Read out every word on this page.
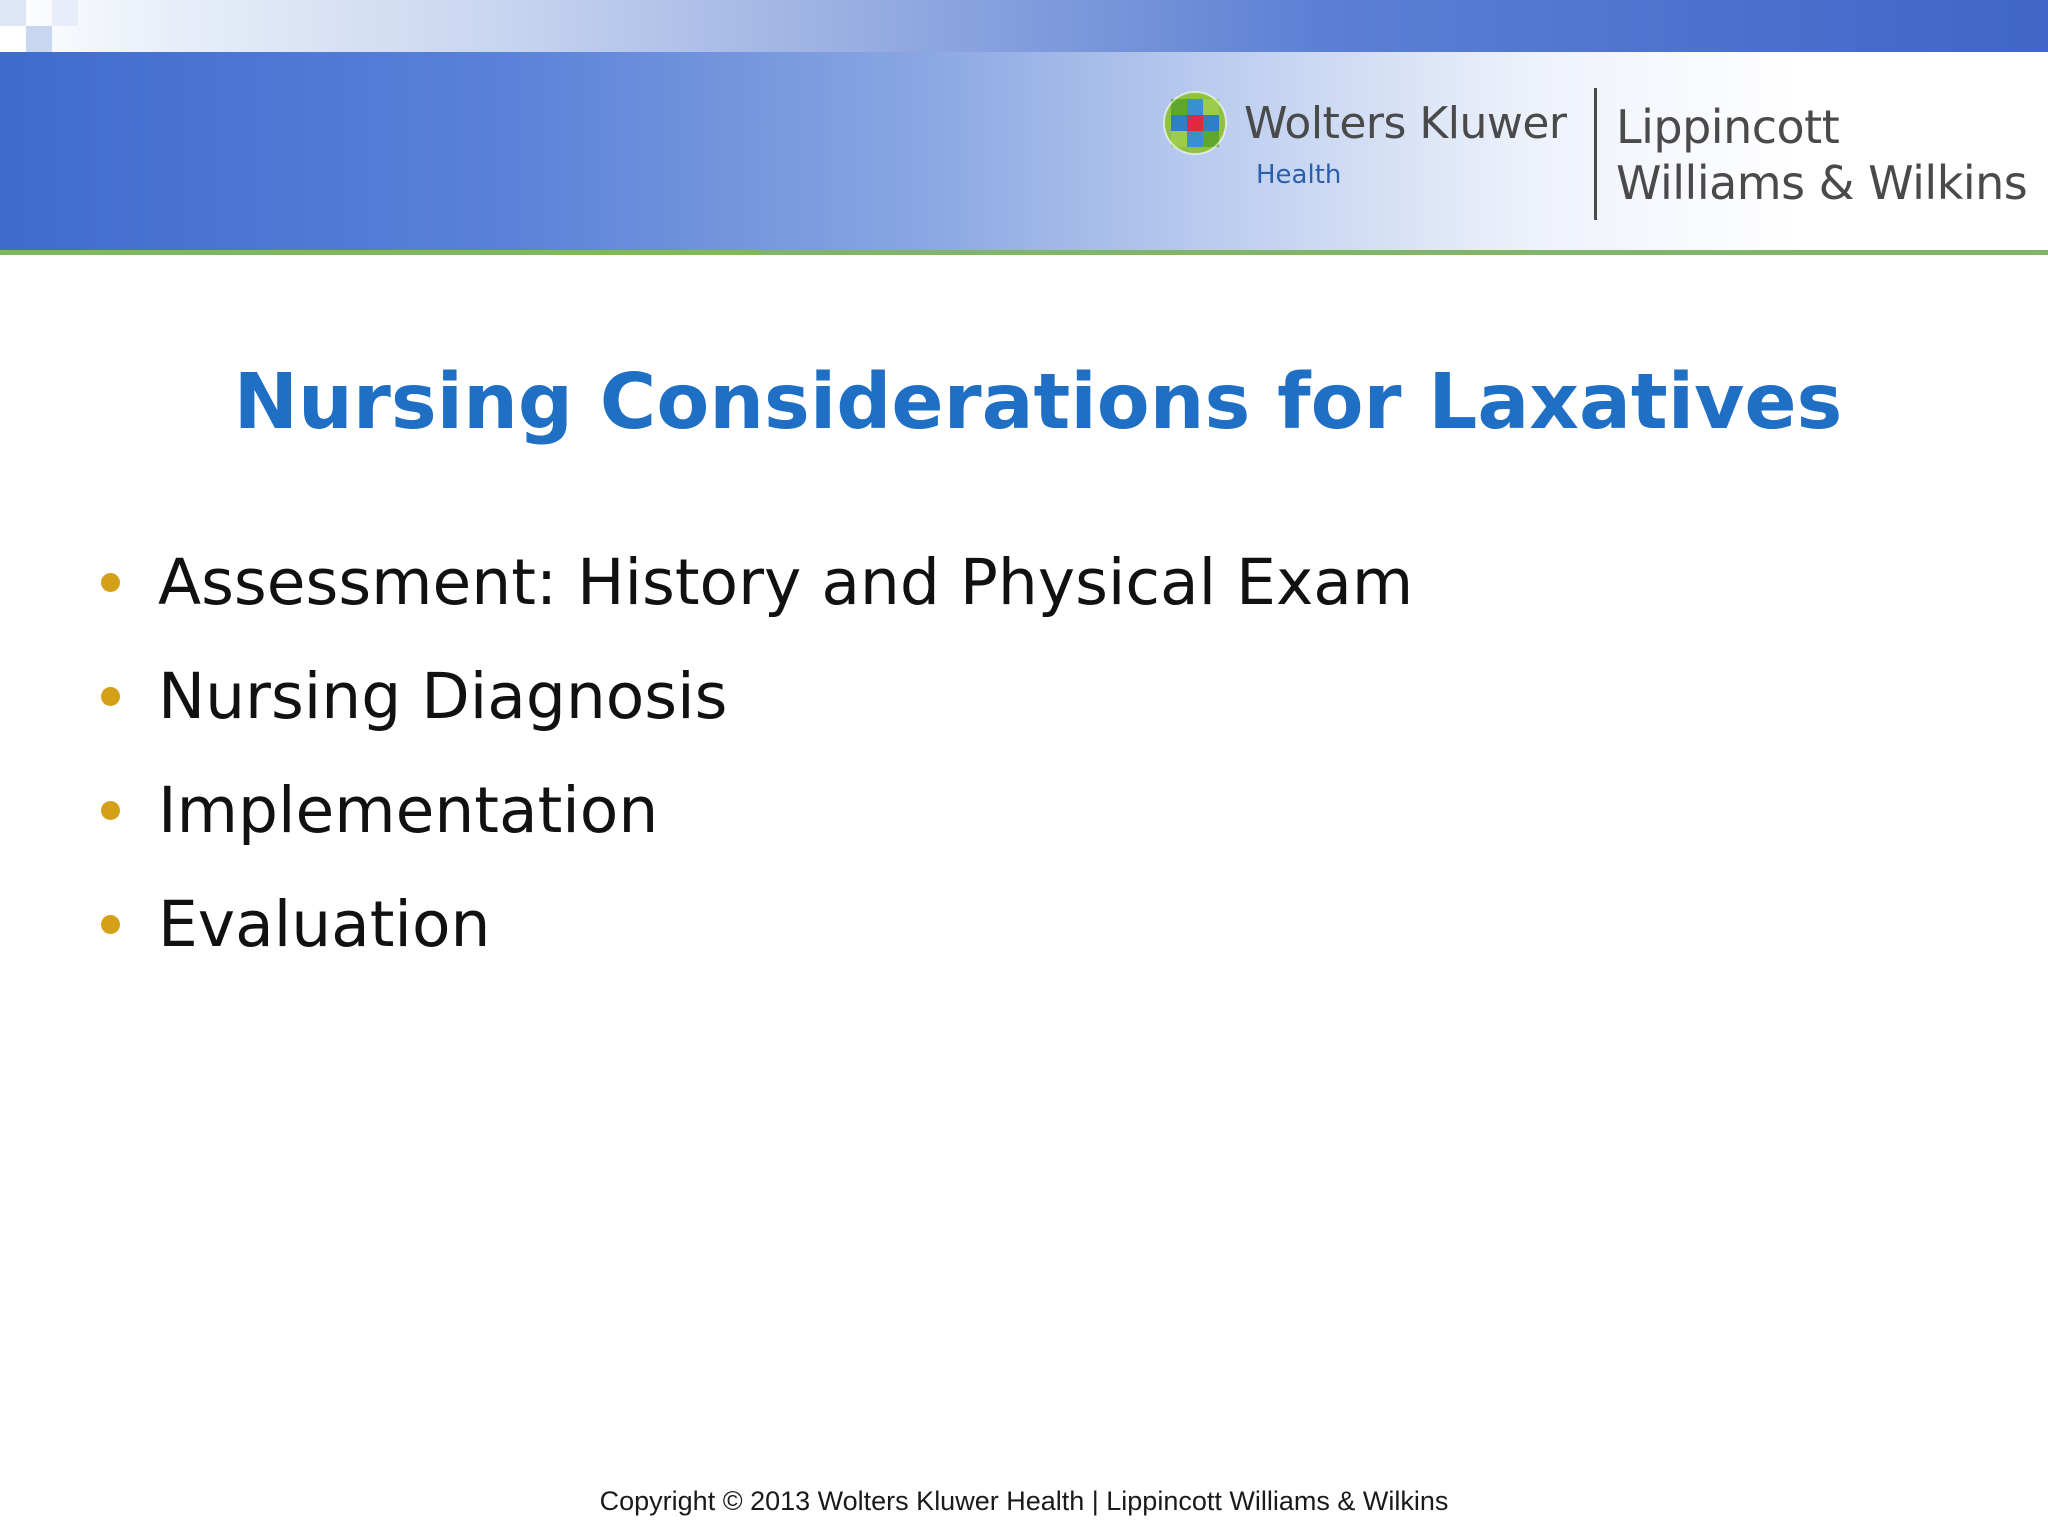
Wolters Kluwer
Health
Lippincott
Williams & Wilkins
Nursing Considerations for Laxatives
Assessment: History and Physical Exam
Nursing Diagnosis
Implementation
Evaluation
Copyright © 2013 Wolters Kluwer Health | Lippincott Williams & Wilkins
